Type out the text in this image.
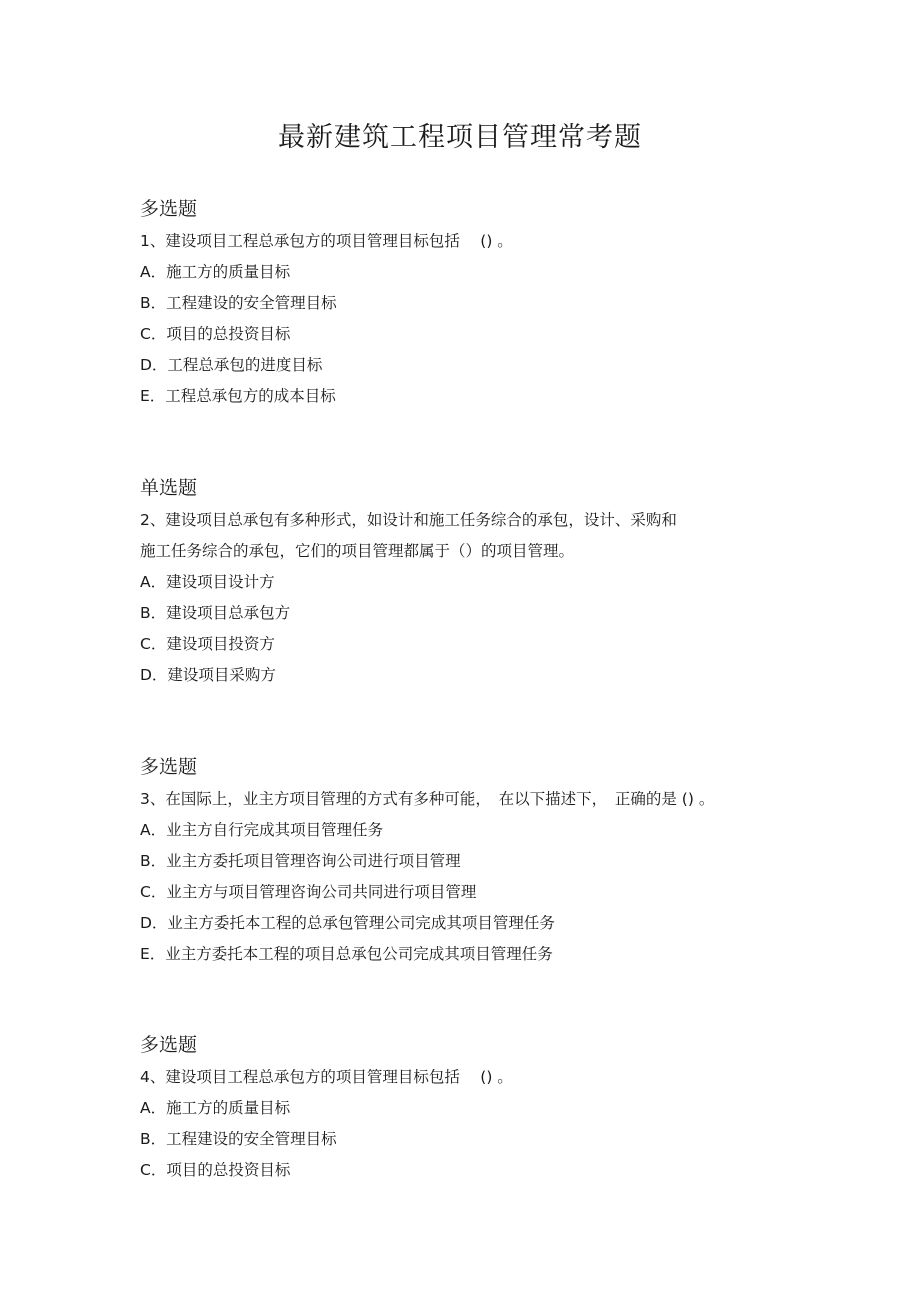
最新建筑工程项目管理常考题
多选题
1、建设项目工程总承包方的项目管理目标包括　 () 。
A．施工方的质量目标
B．工程建设的安全管理目标
C．项目的总投资目标
D．工程总承包的进度目标
E．工程总承包方的成本目标
单选题
2、建设项目总承包有多种形式，如设计和施工任务综合的承包，设计、采购和
施工任务综合的承包，它们的项目管理都属于（）的项目管理。
A．建设项目设计方
B．建设项目总承包方
C．建设项目投资方
D．建设项目采购方
多选题
3、在国际上，业主方项目管理的方式有多种可能，　在以下描述下，　正确的是 () 。
A．业主方自行完成其项目管理任务
B．业主方委托项目管理咨询公司进行项目管理
C．业主方与项目管理咨询公司共同进行项目管理
D．业主方委托本工程的总承包管理公司完成其项目管理任务
E．业主方委托本工程的项目总承包公司完成其项目管理任务
多选题
4、建设项目工程总承包方的项目管理目标包括　 () 。
A．施工方的质量目标
B．工程建设的安全管理目标
C．项目的总投资目标
